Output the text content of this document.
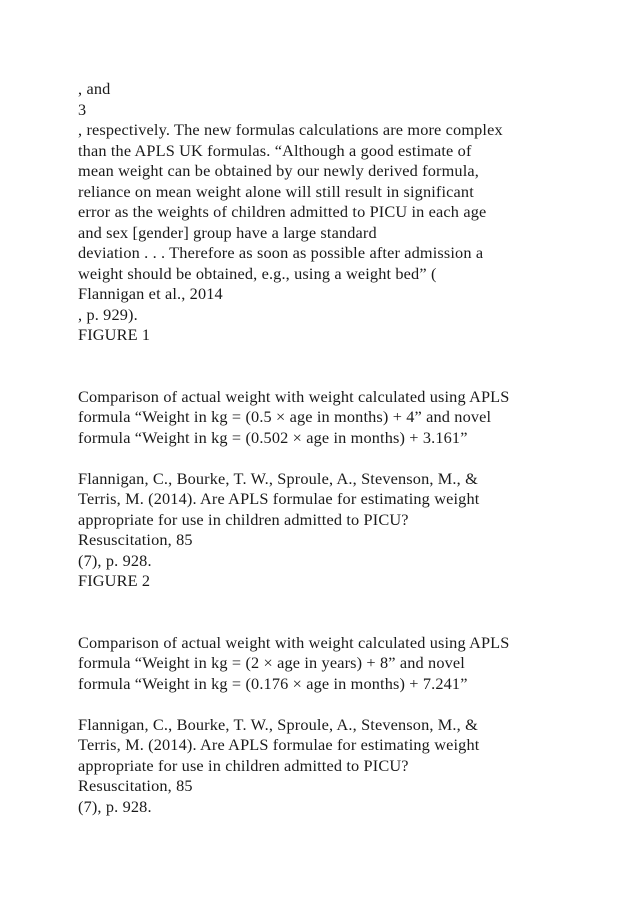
, and
3
, respectively. The new formulas calculations are more complex
than the APLS UK formulas. “Although a good estimate of
mean weight can be obtained by our newly derived formula,
reliance on mean weight alone will still result in significant
error as the weights of children admitted to PICU in each age
and sex [gender] group have a large standard
deviation . . . Therefore as soon as possible after admission a
weight should be obtained, e.g., using a weight bed” (
Flannigan et al., 2014
, p. 929).
FIGURE 1
Comparison of actual weight with weight calculated using APLS
formula “Weight in kg = (0.5 × age in months) + 4” and novel
formula “Weight in kg = (0.502 × age in months) + 3.161”
Flannigan, C., Bourke, T. W., Sproule, A., Stevenson, M., &
Terris, M. (2014). Are APLS formulae for estimating weight
appropriate for use in children admitted to PICU?
Resuscitation, 85
(7), p. 928.
FIGURE 2
Comparison of actual weight with weight calculated using APLS
formula “Weight in kg = (2 × age in years) + 8” and novel
formula “Weight in kg = (0.176 × age in months) + 7.241”
Flannigan, C., Bourke, T. W., Sproule, A., Stevenson, M., &
Terris, M. (2014). Are APLS formulae for estimating weight
appropriate for use in children admitted to PICU?
Resuscitation, 85
(7), p. 928.
